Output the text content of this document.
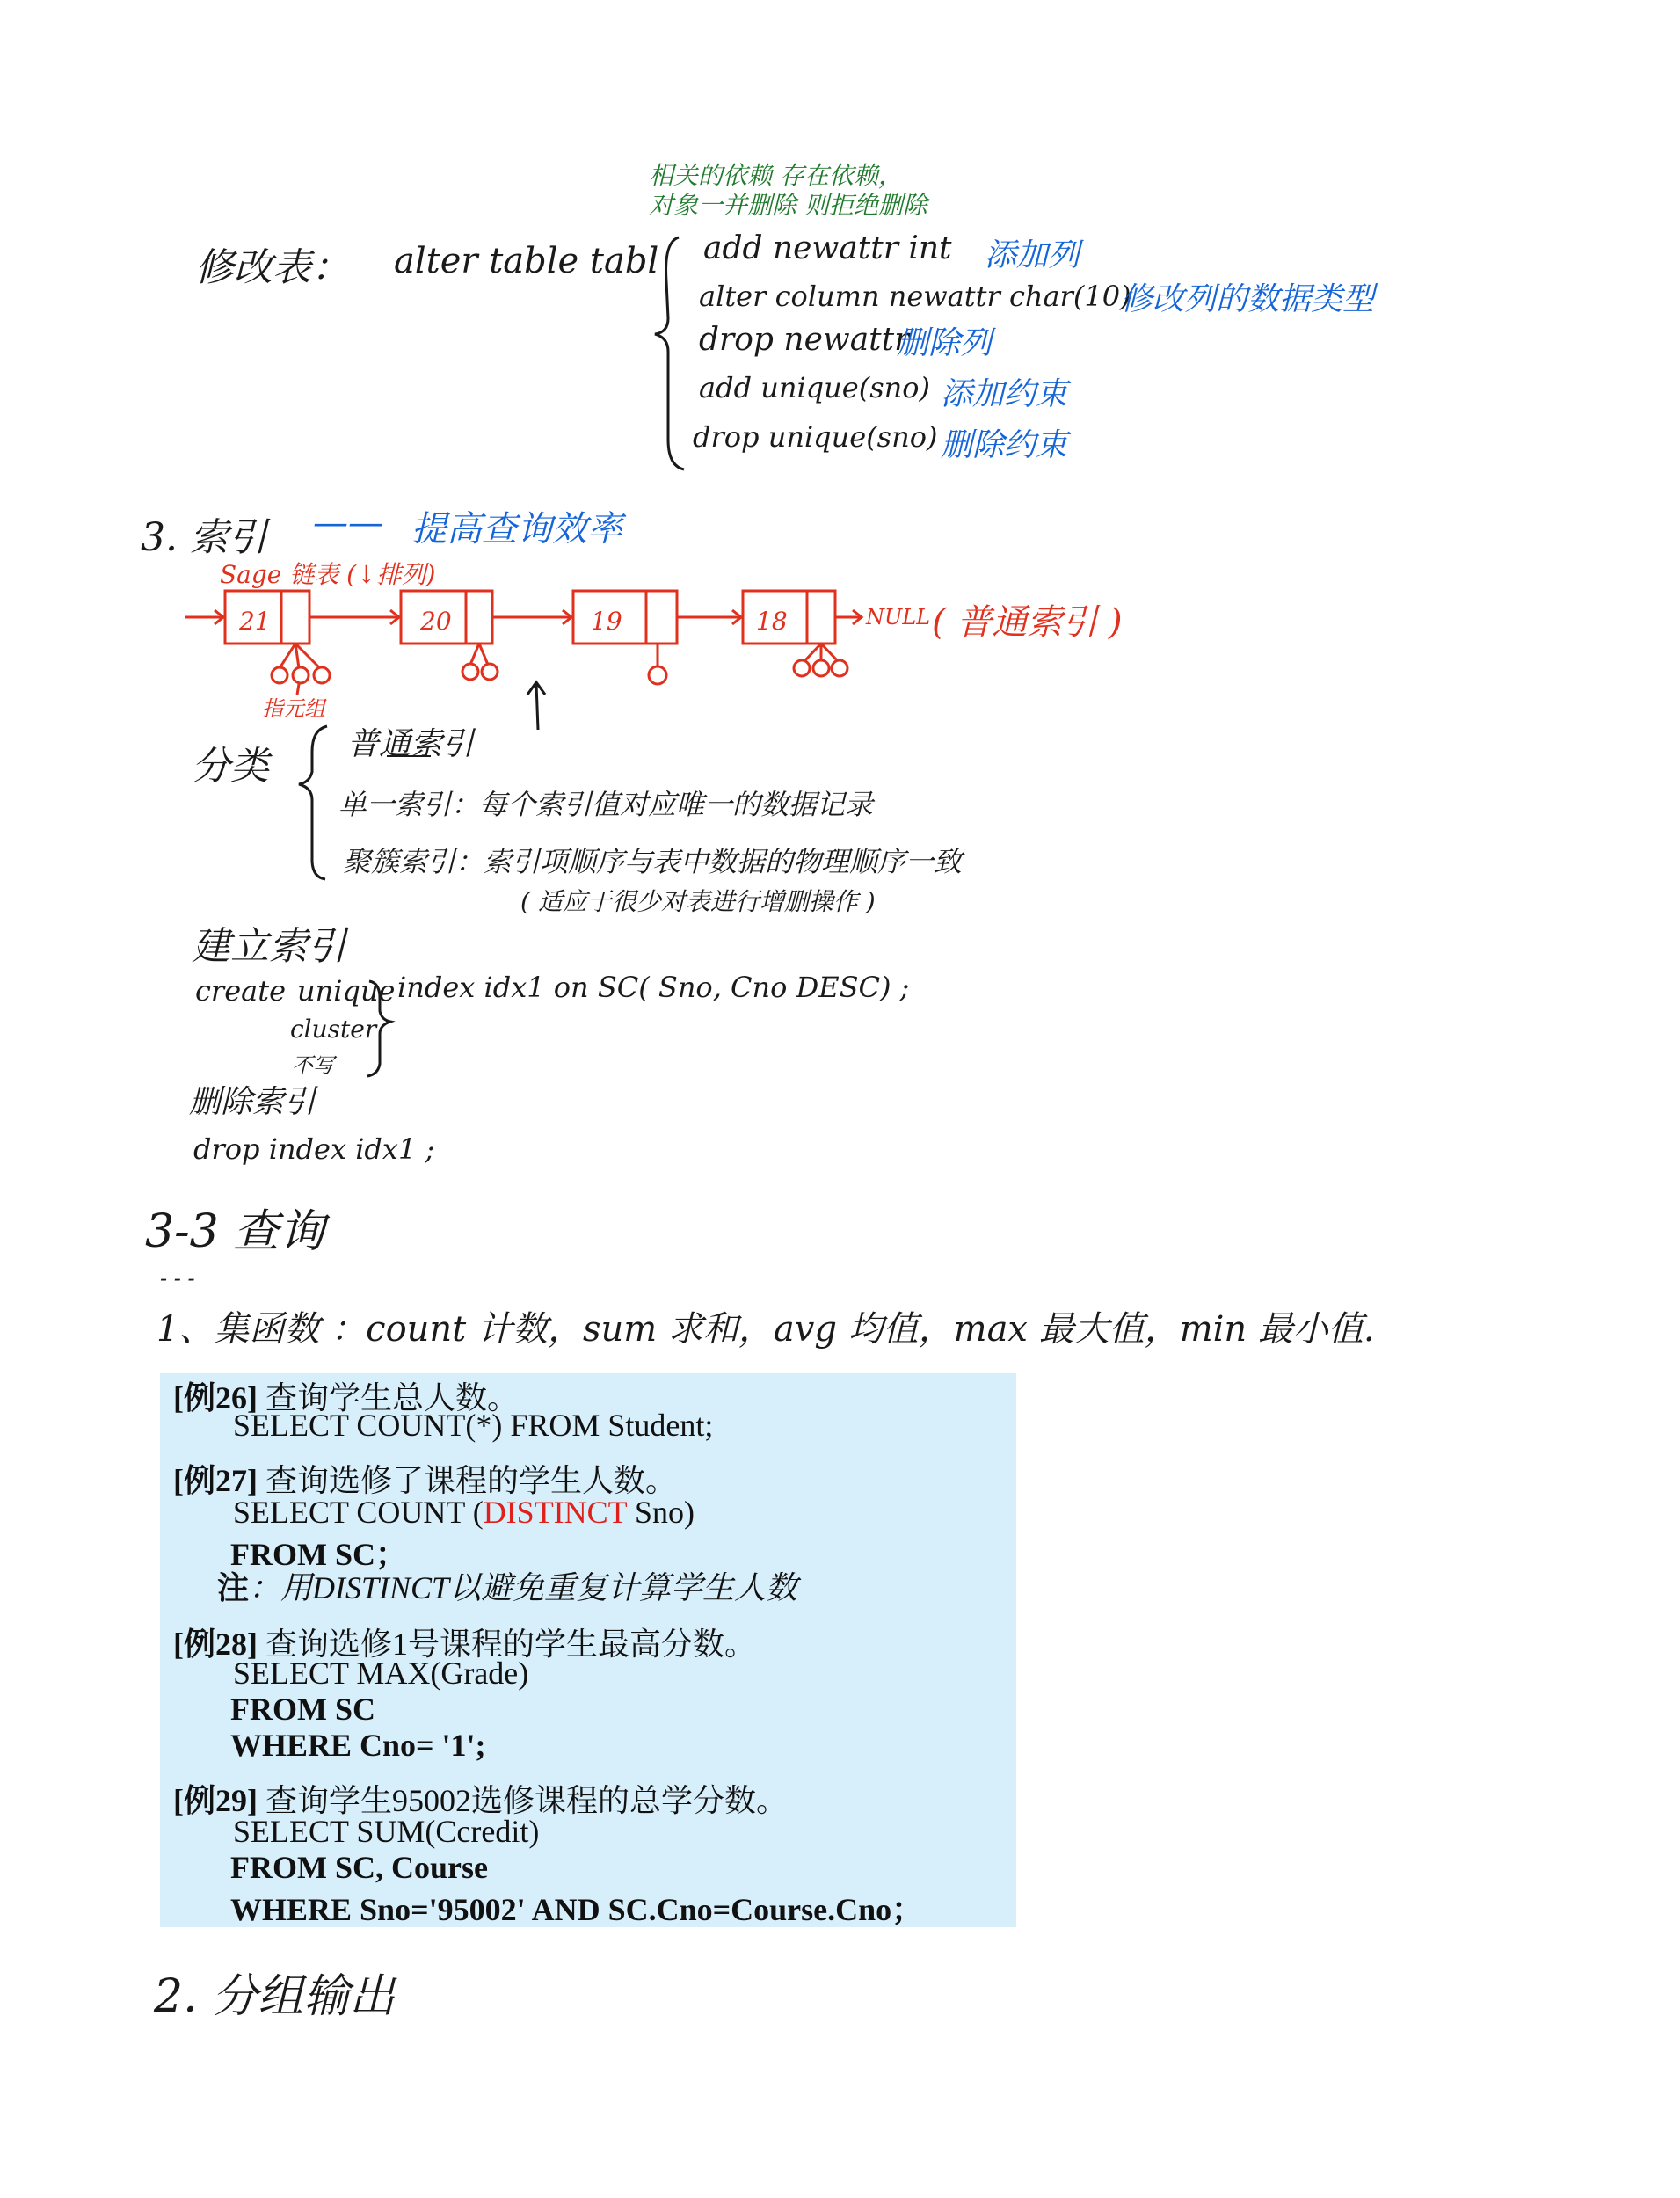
相关的依赖 存在依赖，
对象一并删除 则拒绝删除
修改表： alter table tabl add newattr int 添加列
alter column newattr char(10)
修改列的数据类型
drop newattr
删除列
add unique(sno) 添加约束
drop unique(sno) 删除约束
3. 索引 —— 提高查询效率
Sage 链表 (↓排列)
21	20	19	18	NULL ( 普通索引 )
指元组
分类 普通索引
单一索引：每个索引值对应唯一的数据记录
聚簇索引：索引项顺序与表中数据的物理顺序一致
( 适应于很少对表进行增删操作 )
建立索引
create unique
cluster
不写
index idx1 on SC( Sno, Cno DESC) ;
删除索引
drop index idx1 ;
3-3 查询
- - -
1、集函数 ：count 计数，sum 求和，avg 均值，max 最大值，min 最小值.
[例26] 查询学生总人数。
SELECT COUNT(*) FROM Student;
[例27] 查询选修了课程的学生人数。
SELECT COUNT (DISTINCT Sno)
FROM SC；
注：用DISTINCT以避免重复计算学生人数
[例28] 查询选修1号课程的学生最高分数。
SELECT MAX(Grade)
FROM SC
WHERE Cno= '1';
[例29] 查询学生95002选修课程的总学分数。
SELECT SUM(Ccredit)
FROM SC, Course
WHERE Sno='95002' AND SC.Cno=Course.Cno；
2. 分组输出
